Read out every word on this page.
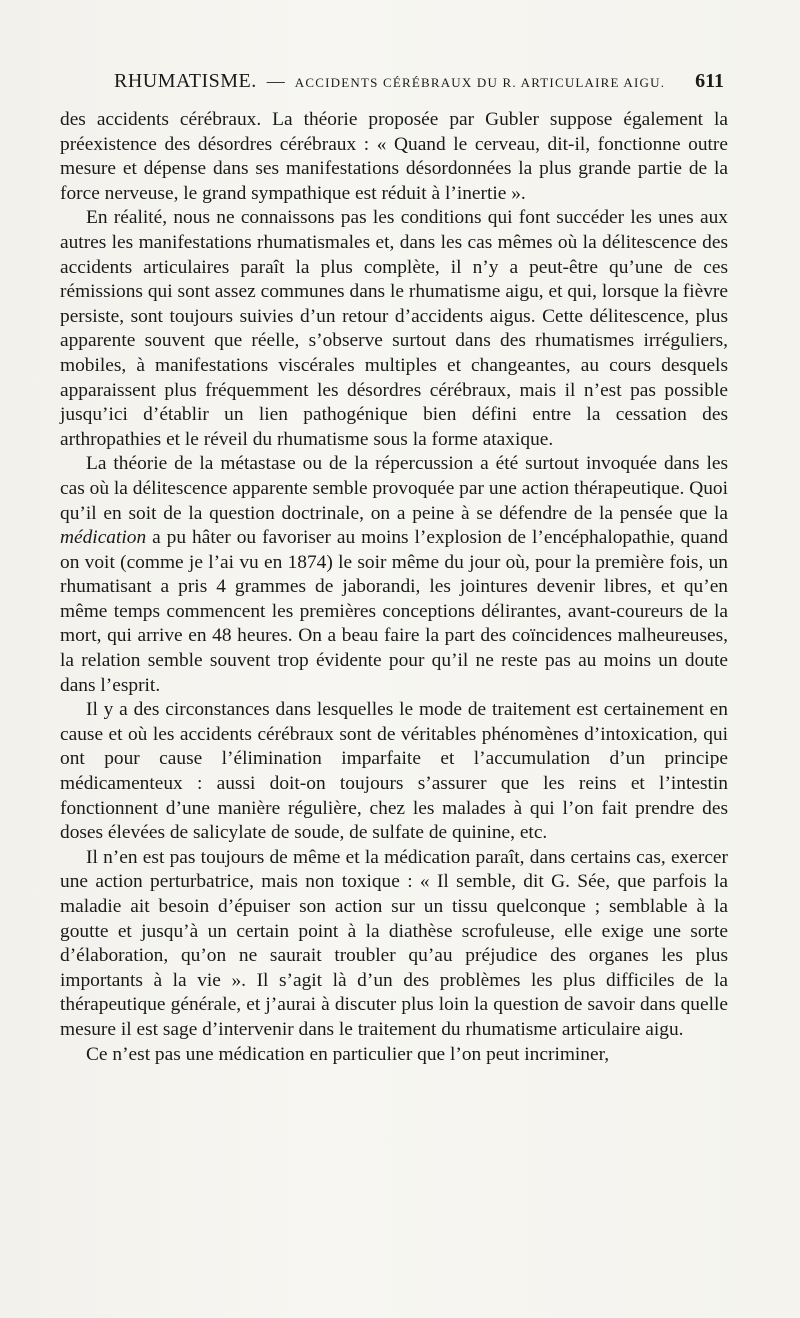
RHUMATISME. — ACCIDENTS CÉRÉBRAUX DU R. ARTICULAIRE AIGU. 611

des accidents cérébraux. La théorie proposée par Gubler suppose également la préexistence des désordres cérébraux : « Quand le cerveau, dit-il, fonctionne outre mesure et dépense dans ses manifestations désordonnées la plus grande partie de la force nerveuse, le grand sympathique est réduit à l’inertie ».

En réalité, nous ne connaissons pas les conditions qui font succéder les unes aux autres les manifestations rhumatismales et, dans les cas mêmes où la délitescence des accidents articulaires paraît la plus complète, il n’y a peut-être qu’une de ces rémissions qui sont assez communes dans le rhumatisme aigu, et qui, lorsque la fièvre persiste, sont toujours suivies d’un retour d’accidents aigus. Cette délitescence, plus apparente souvent que réelle, s’observe surtout dans des rhumatismes irréguliers, mobiles, à manifestations viscérales multiples et changeantes, au cours desquels apparaissent plus fréquemment les désordres cérébraux, mais il n’est pas possible jusqu’ici d’établir un lien pathogénique bien défini entre la cessation des arthropathies et le réveil du rhumatisme sous la forme ataxique.

La théorie de la métastase ou de la répercussion a été surtout invoquée dans les cas où la délitescence apparente semble provoquée par une action thérapeutique. Quoi qu’il en soit de la question doctrinale, on a peine à se défendre de la pensée que la médication a pu hâter ou favoriser au moins l’explosion de l’encéphalopathie, quand on voit (comme je l’ai vu en 1874) le soir même du jour où, pour la première fois, un rhumatisant a pris 4 grammes de jaborandi, les jointures devenir libres, et qu’en même temps commencent les premières conceptions délirantes, avant-coureurs de la mort, qui arrive en 48 heures. On a beau faire la part des coïncidences malheureuses, la relation semble souvent trop évidente pour qu’il ne reste pas au moins un doute dans l’esprit.

Il y a des circonstances dans lesquelles le mode de traitement est certainement en cause et où les accidents cérébraux sont de véritables phénomènes d’intoxication, qui ont pour cause l’élimination imparfaite et l’accumulation d’un principe médicamenteux : aussi doit-on toujours s’assurer que les reins et l’intestin fonctionnent d’une manière régulière, chez les malades à qui l’on fait prendre des doses élevées de salicylate de soude, de sulfate de quinine, etc.

Il n’en est pas toujours de même et la médication paraît, dans certains cas, exercer une action perturbatrice, mais non toxique : « Il semble, dit G. Sée, que parfois la maladie ait besoin d’épuiser son action sur un tissu quelconque ; semblable à la goutte et jusqu’à un certain point à la diathèse scrofuleuse, elle exige une sorte d’élaboration, qu’on ne saurait troubler qu’au préjudice des organes les plus importants à la vie ». Il s’agit là d’un des problèmes les plus difficiles de la thérapeutique générale, et j’aurai à discuter plus loin la question de savoir dans quelle mesure il est sage d’intervenir dans le traitement du rhumatisme articulaire aigu.

Ce n’est pas une médication en particulier que l’on peut incriminer,
